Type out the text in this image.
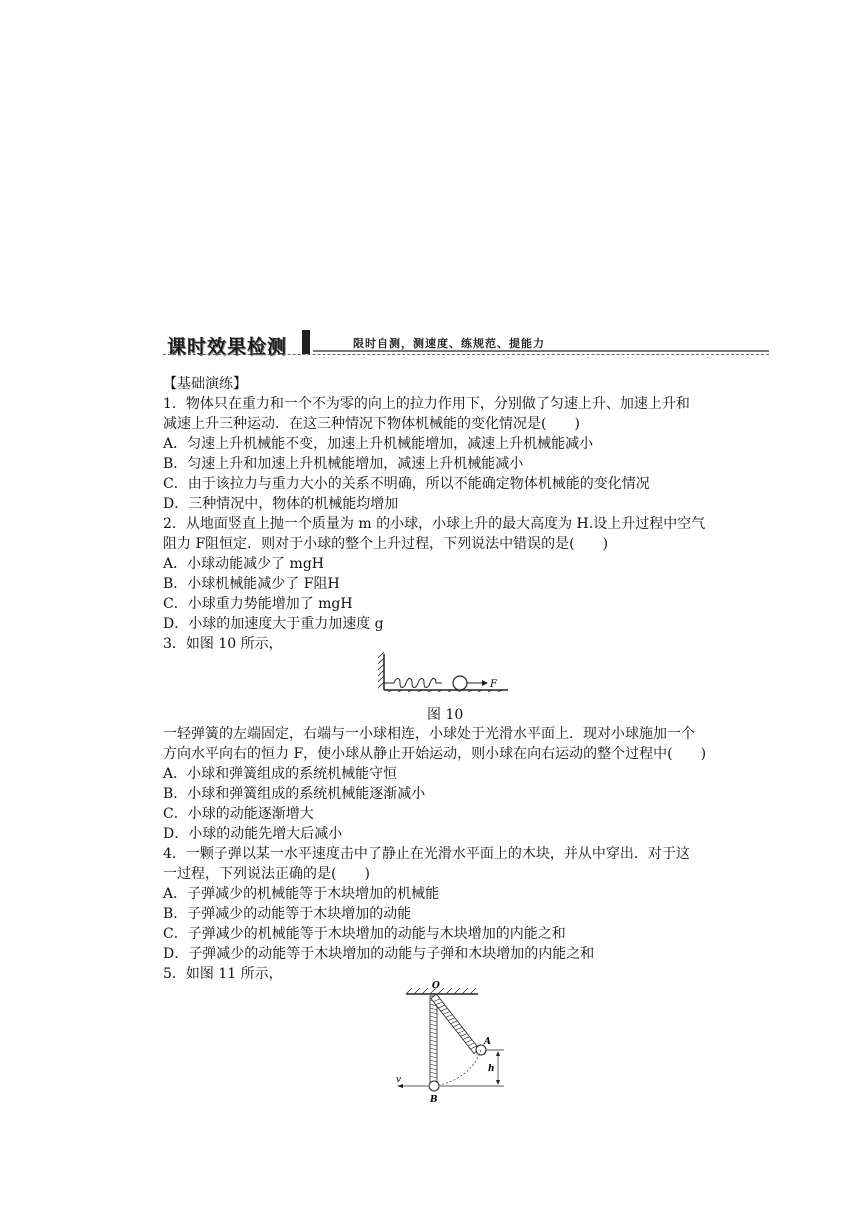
课时效果检测	限时自测，测速度、练规范、提能力
【基础演练】
1．物体只在重力和一个不为零的向上的拉力作用下，分别做了匀速上升、加速上升和
减速上升三种运动．在这三种情况下物体机械能的变化情况是(　　)
A．匀速上升机械能不变，加速上升机械能增加，减速上升机械能减小
B．匀速上升和加速上升机械能增加，减速上升机械能减小
C．由于该拉力与重力大小的关系不明确，所以不能确定物体机械能的变化情况
D．三种情况中，物体的机械能均增加
2．从地面竖直上抛一个质量为 m 的小球，小球上升的最大高度为 H.设上升过程中空气
阻力 F阻恒定．则对于小球的整个上升过程，下列说法中错误的是(　　)
A．小球动能减少了 mgH
B．小球机械能减少了 F阻H
C．小球重力势能增加了 mgH
D．小球的加速度大于重力加速度 g
3．如图 10 所示，
F
图 10
一轻弹簧的左端固定，右端与一小球相连，小球处于光滑水平面上．现对小球施加一个
方向水平向右的恒力 F，使小球从静止开始运动，则小球在向右运动的整个过程中(　　)
A．小球和弹簧组成的系统机械能守恒
B．小球和弹簧组成的系统机械能逐渐减小
C．小球的动能逐渐增大
D．小球的动能先增大后减小
4．一颗子弹以某一水平速度击中了静止在光滑水平面上的木块，并从中穿出．对于这
一过程，下列说法正确的是(　　)
A．子弹减少的机械能等于木块增加的机械能
B．子弹减少的动能等于木块增加的动能
C．子弹减少的机械能等于木块增加的动能与木块增加的内能之和
D．子弹减少的动能等于木块增加的动能与子弹和木块增加的内能之和
5．如图 11 所示，
O
A
h
v
B
